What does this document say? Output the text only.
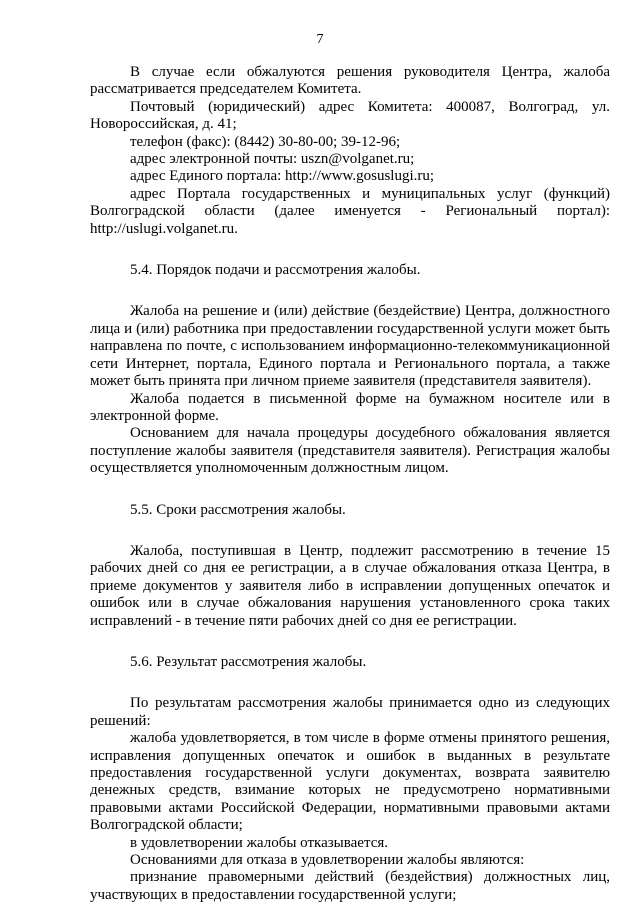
7

В случае если обжалуются решения руководителя Центра, жалоба рассматривается председателем Комитета.

Почтовый (юридический) адрес Комитета: 400087, Волгоград, ул. Новороссийская, д. 41;

телефон (факс): (8442) 30-80-00; 39-12-96;

адрес электронной почты: uszn@volganet.ru;

адрес Единого портала: http://www.gosuslugi.ru;

адрес Портала государственных и муниципальных услуг (функций) Волгоградской области (далее именуется - Региональный портал): http://uslugi.volganet.ru.

5.4. Порядок подачи и рассмотрения жалобы.

Жалоба на решение и (или) действие (бездействие) Центра, должностного лица и (или) работника при предоставлении государственной услуги может быть направлена по почте, с использованием информационно-телекоммуникационной сети Интернет, портала, Единого портала и Регионального портала, а также может быть принята при личном приеме заявителя (представителя заявителя).

Жалоба подается в письменной форме на бумажном носителе или в электронной форме.

Основанием для начала процедуры досудебного обжалования является поступление жалобы заявителя (представителя заявителя). Регистрация жалобы осуществляется уполномоченным должностным лицом.

5.5. Сроки рассмотрения жалобы.

Жалоба, поступившая в Центр, подлежит рассмотрению в течение 15 рабочих дней со дня ее регистрации, а в случае обжалования отказа Центра, в приеме документов у заявителя либо в исправлении допущенных опечаток и ошибок или в случае обжалования нарушения установленного срока таких исправлений - в течение пяти рабочих дней со дня ее регистрации.

5.6. Результат рассмотрения жалобы.

По результатам рассмотрения жалобы принимается одно из следующих решений:

жалоба удовлетворяется, в том числе в форме отмены принятого решения, исправления допущенных опечаток и ошибок в выданных в результате предоставления государственной услуги документах, возврата заявителю денежных средств, взимание которых не предусмотрено нормативными правовыми актами Российской Федерации, нормативными правовыми актами Волгоградской области;

в удовлетворении жалобы отказывается.

Основаниями для отказа в удовлетворении жалобы являются:

признание правомерными действий (бездействия) должностных лиц, участвующих в предоставлении государственной услуги;
